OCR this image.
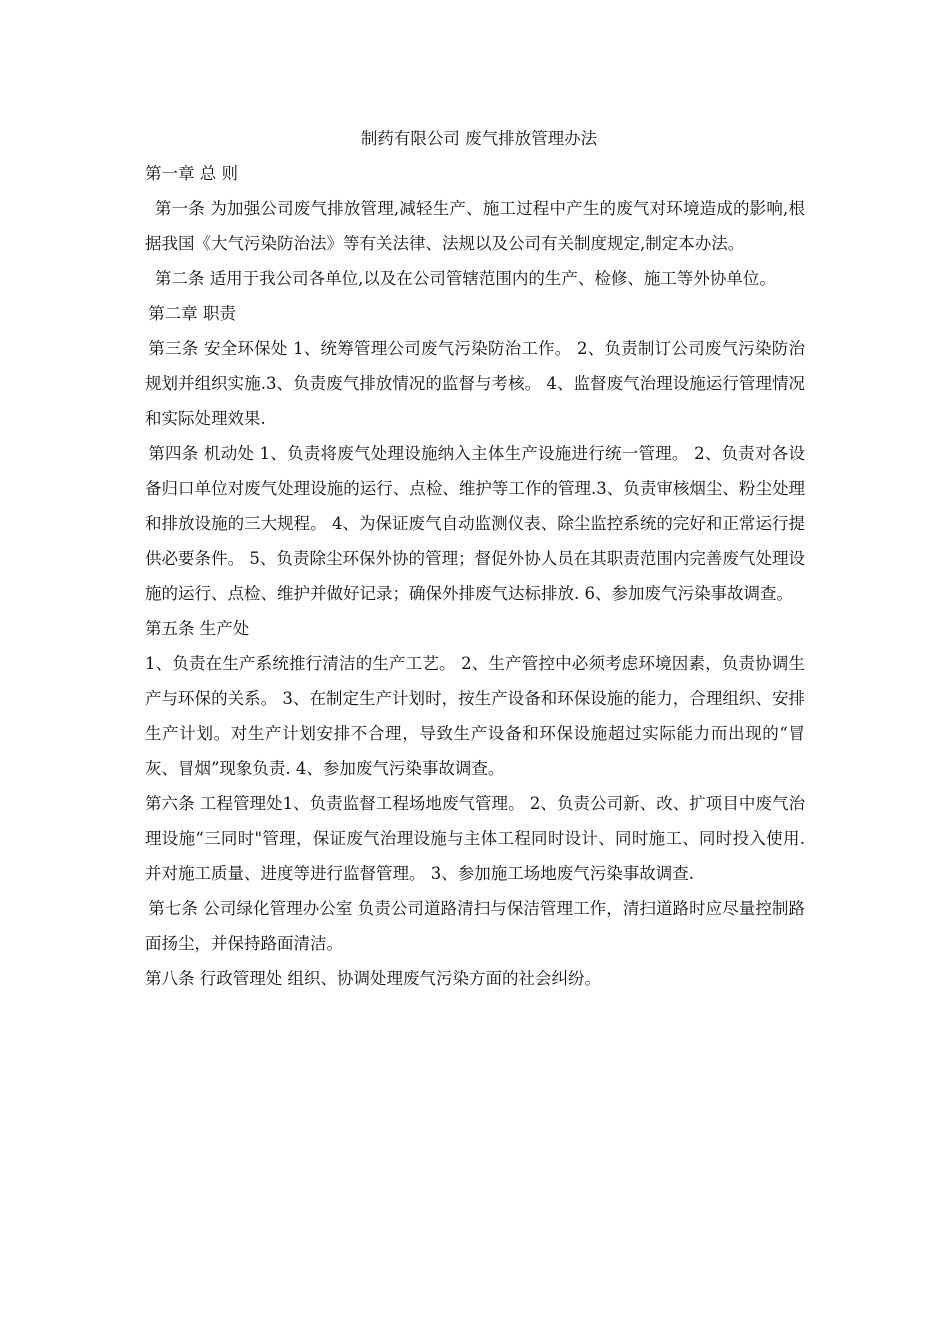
制药有限公司 废气排放管理办法

第一章 总 则

第一条 为加强公司废气排放管理,减轻生产、施工过程中产生的废气对环境造成的影响,根据我国《大气污染防治法》等有关法律、法规以及公司有关制度规定,制定本办法。

第二条 适用于我公司各单位,以及在公司管辖范围内的生产、检修、施工等外协单位。

第二章 职责

第三条 安全环保处 1、统筹管理公司废气污染防治工作。 2、负责制订公司废气污染防治规划并组织实施.3、负责废气排放情况的监督与考核。 4、监督废气治理设施运行管理情况和实际处理效果.

第四条 机动处 1、负责将废气处理设施纳入主体生产设施进行统一管理。 2、负责对各设备归口单位对废气处理设施的运行、点检、维护等工作的管理.3、负责审核烟尘、粉尘处理和排放设施的三大规程。 4、为保证废气自动监测仪表、除尘监控系统的完好和正常运行提供必要条件。 5、负责除尘环保外协的管理；督促外协人员在其职责范围内完善废气处理设施的运行、点检、维护并做好记录；确保外排废气达标排放. 6、参加废气污染事故调查。

第五条 生产处

1、负责在生产系统推行清洁的生产工艺。 2、生产管控中必须考虑环境因素，负责协调生产与环保的关系。 3、在制定生产计划时，按生产设备和环保设施的能力，合理组织、安排生产计划。对生产计划安排不合理，导致生产设备和环保设施超过实际能力而出现的“冒灰、冒烟”现象负责. 4、参加废气污染事故调查。

第六条 工程管理处1、负责监督工程场地废气管理。 2、负责公司新、改、扩项目中废气治理设施“三同时"管理，保证废气治理设施与主体工程同时设计、同时施工、同时投入使用.并对施工质量、进度等进行监督管理。 3、参加施工场地废气污染事故调查.

第七条 公司绿化管理办公室 负责公司道路清扫与保洁管理工作，清扫道路时应尽量控制路面扬尘，并保持路面清洁。

第八条 行政管理处 组织、协调处理废气污染方面的社会纠纷。
